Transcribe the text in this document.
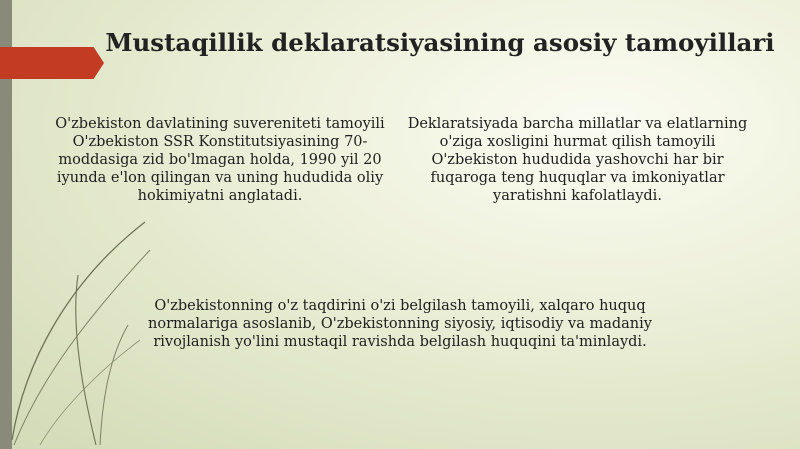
Mustaqillik deklaratsiyasining asosiy tamoyillari
O'zbekiston davlatining suvereniteti tamoyili O'zbekiston SSR Konstitutsiyasining 70-moddasiga zid bo'lmagan holda, 1990 yil 20 iyunda e'lon qilingan va uning hududida oliy hokimiyatni anglatadi.
Deklaratsiyada barcha millatlar va elatlarning o'ziga xosligini hurmat qilish tamoyili O'zbekiston hududida yashovchi har bir fuqaroga teng huquqlar va imkoniyatlar yaratishni kafolatlaydi.
O'zbekistonning o'z taqdirini o'zi belgilash tamoyili, xalqaro huquq normalariga asoslanib, O'zbekistonning siyosiy, iqtisodiy va madaniy rivojlanish yo'lini mustaqil ravishda belgilash huquqini ta'minlaydi.
